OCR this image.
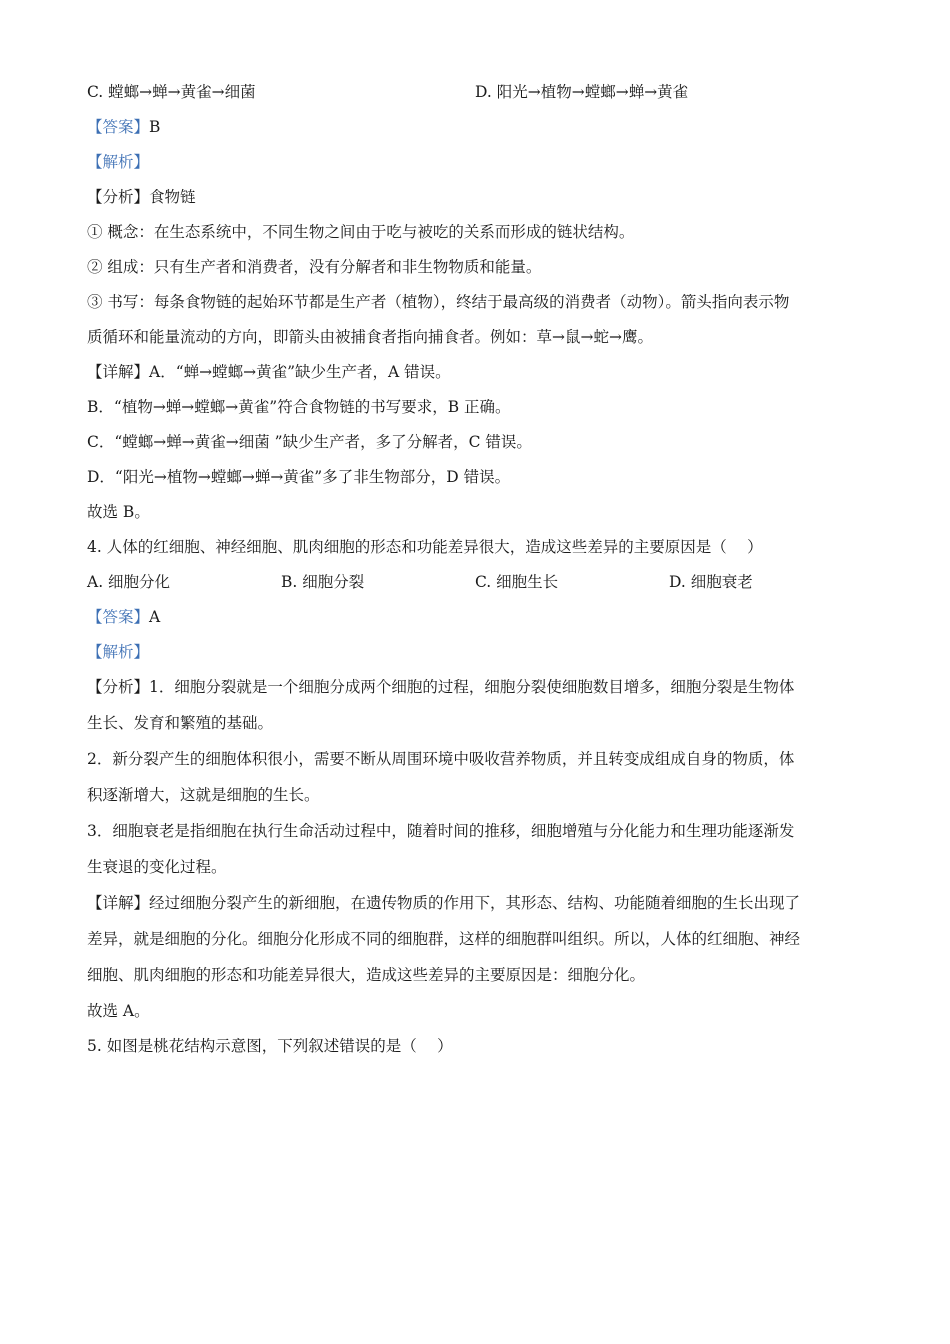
C. 螳螂→蝉→黄雀→细菌	D. 阳光→植物→螳螂→蝉→黄雀
【答案】B
【解析】
【分析】食物链
① 概念：在生态系统中，不同生物之间由于吃与被吃的关系而形成的链状结构。
② 组成：只有生产者和消费者，没有分解者和非生物物质和能量。
③ 书写：每条食物链的起始环节都是生产者（植物），终结于最高级的消费者（动物）。箭头指向表示物
质循环和能量流动的方向，即箭头由被捕食者指向捕食者。例如：草→鼠→蛇→鹰。
【详解】A．“蝉→螳螂→黄雀”缺少生产者，A 错误。
B．“植物→蝉→螳螂→黄雀”符合食物链的书写要求，B 正确。
C．“螳螂→蝉→黄雀→细菌 ”缺少生产者，多了分解者，C 错误。
D．“阳光→植物→螳螂→蝉→黄雀”多了非生物部分，D 错误。
故选 B。
4. 人体的红细胞、神经细胞、肌肉细胞的形态和功能差异很大，造成这些差异的主要原因是（　 ）
A. 细胞分化	B. 细胞分裂	C. 细胞生长	D. 细胞衰老
【答案】A
【解析】
【分析】1．细胞分裂就是一个细胞分成两个细胞的过程，细胞分裂使细胞数目增多，细胞分裂是生物体
生长、发育和繁殖的基础。
2．新分裂产生的细胞体积很小，需要不断从周围环境中吸收营养物质，并且转变成组成自身的物质，体
积逐渐增大，这就是细胞的生长。
3．细胞衰老是指细胞在执行生命活动过程中，随着时间的推移，细胞增殖与分化能力和生理功能逐渐发
生衰退的变化过程。
【详解】经过细胞分裂产生的新细胞，在遗传物质的作用下，其形态、结构、功能随着细胞的生长出现了
差异，就是细胞的分化。细胞分化形成不同的细胞群，这样的细胞群叫组织。所以，人体的红细胞、神经
细胞、肌肉细胞的形态和功能差异很大，造成这些差异的主要原因是：细胞分化。
故选 A。
5. 如图是桃花结构示意图，下列叙述错误的是（　 ）
